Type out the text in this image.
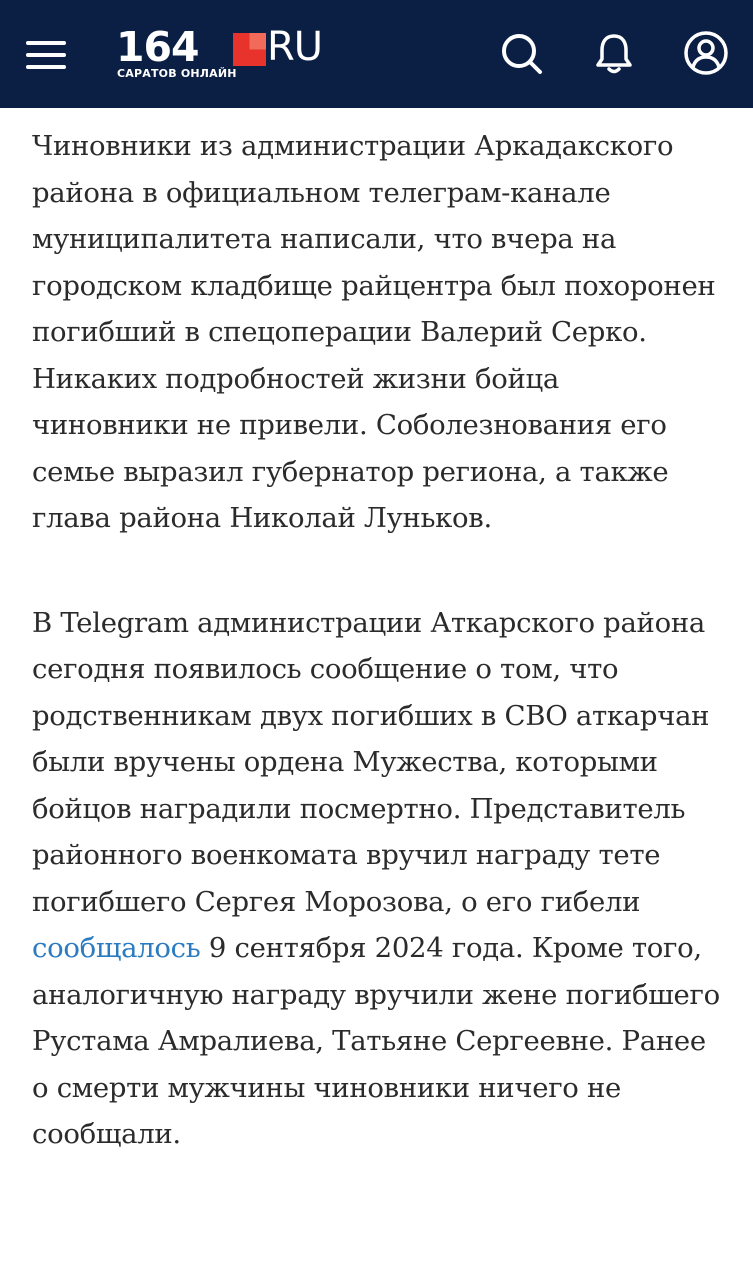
164 RU
САРАТОВ ОНЛАЙН

Чиновники из администрации Аркадакского района в официальном телеграм-канале муниципалитета написали, что вчера на городском кладбище райцентра был похоронен погибший в спецоперации Валерий Серко. Никаких подробностей жизни бойца чиновники не привели. Соболезнования его семье выразил губернатор региона, а также глава района Николай Луньков.

В Telegram администрации Аткарского района сегодня появилось сообщение о том, что родственникам двух погибших в СВО аткарчан были вручены ордена Мужества, которыми бойцов наградили посмертно. Представитель районного военкомата вручил награду тете погибшего Сергея Морозова, о его гибели сообщалось 9 сентября 2024 года. Кроме того, аналогичную награду вручили жене погибшего Рустама Амралиева, Татьяне Сергеевне. Ранее о смерти мужчины чиновники ничего не сообщали.
